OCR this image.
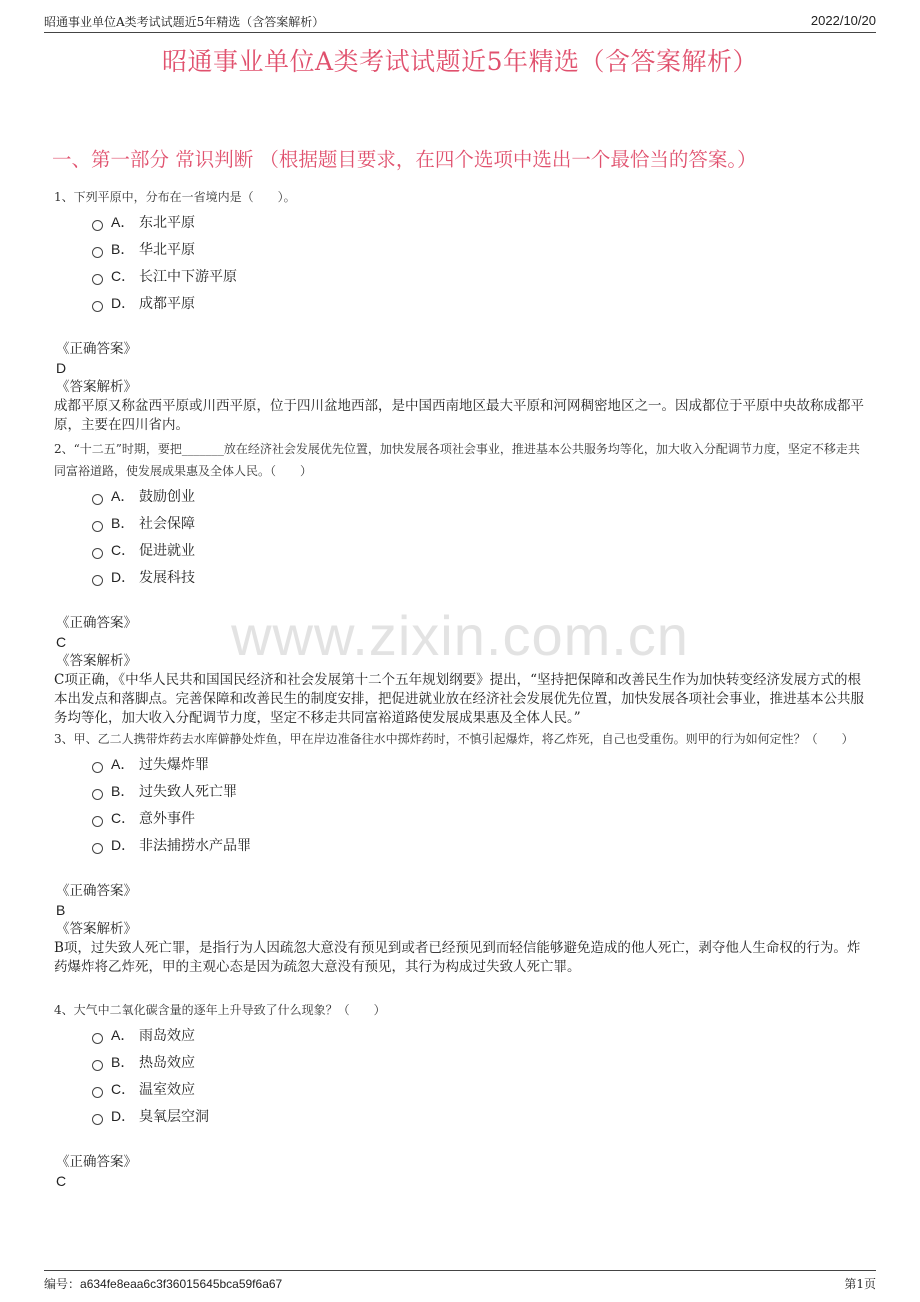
昭通事业单位A类考试试题近5年精选（含答案解析）	2022/10/20
昭通事业单位A类考试试题近5年精选（含答案解析）
一、第一部分 常识判断 （根据题目要求，在四个选项中选出一个最恰当的答案。）
www.zixin.com.cn
1、下列平原中，分布在一省境内是（　　）。
A． 东北平原
B． 华北平原
C． 长江中下游平原
D． 成都平原
《正确答案》
D
《答案解析》
成都平原又称盆西平原或川西平原，位于四川盆地西部，是中国西南地区最大平原和河网稠密地区之一。因成都位于平原中央故称成都平原，主要在四川省内。
2、“十二五”时期，要把_______放在经济社会发展优先位置，加快发展各项社会事业，推进基本公共服务均等化，加大收入分配调节力度，坚定不移走共同富裕道路，使发展成果惠及全体人民。（　　）
A． 鼓励创业
B． 社会保障
C． 促进就业
D． 发展科技
《正确答案》
C
《答案解析》
C项正确，《中华人民共和国国民经济和社会发展第十二个五年规划纲要》提出，“坚持把保障和改善民生作为加快转变经济发展方式的根本出发点和落脚点。完善保障和改善民生的制度安排，把促进就业放在经济社会发展优先位置，加快发展各项社会事业，推进基本公共服务均等化，加大收入分配调节力度，坚定不移走共同富裕道路使发展成果惠及全体人民。”
3、甲、乙二人携带炸药去水库僻静处炸鱼，甲在岸边准备往水中掷炸药时，不慎引起爆炸，将乙炸死，自己也受重伤。则甲的行为如何定性？（　　）
A． 过失爆炸罪
B． 过失致人死亡罪
C． 意外事件
D． 非法捕捞水产品罪
《正确答案》
B
《答案解析》
B项，过失致人死亡罪，是指行为人因疏忽大意没有预见到或者已经预见到而轻信能够避免造成的他人死亡，剥夺他人生命权的行为。炸药爆炸将乙炸死，甲的主观心态是因为疏忽大意没有预见，其行为构成过失致人死亡罪。
4、大气中二氧化碳含量的逐年上升导致了什么现象？（　　）
A． 雨岛效应
B． 热岛效应
C． 温室效应
D． 臭氧层空洞
《正确答案》
C
编号：a634fe8eaa6c3f36015645bca59f6a67	第1页
